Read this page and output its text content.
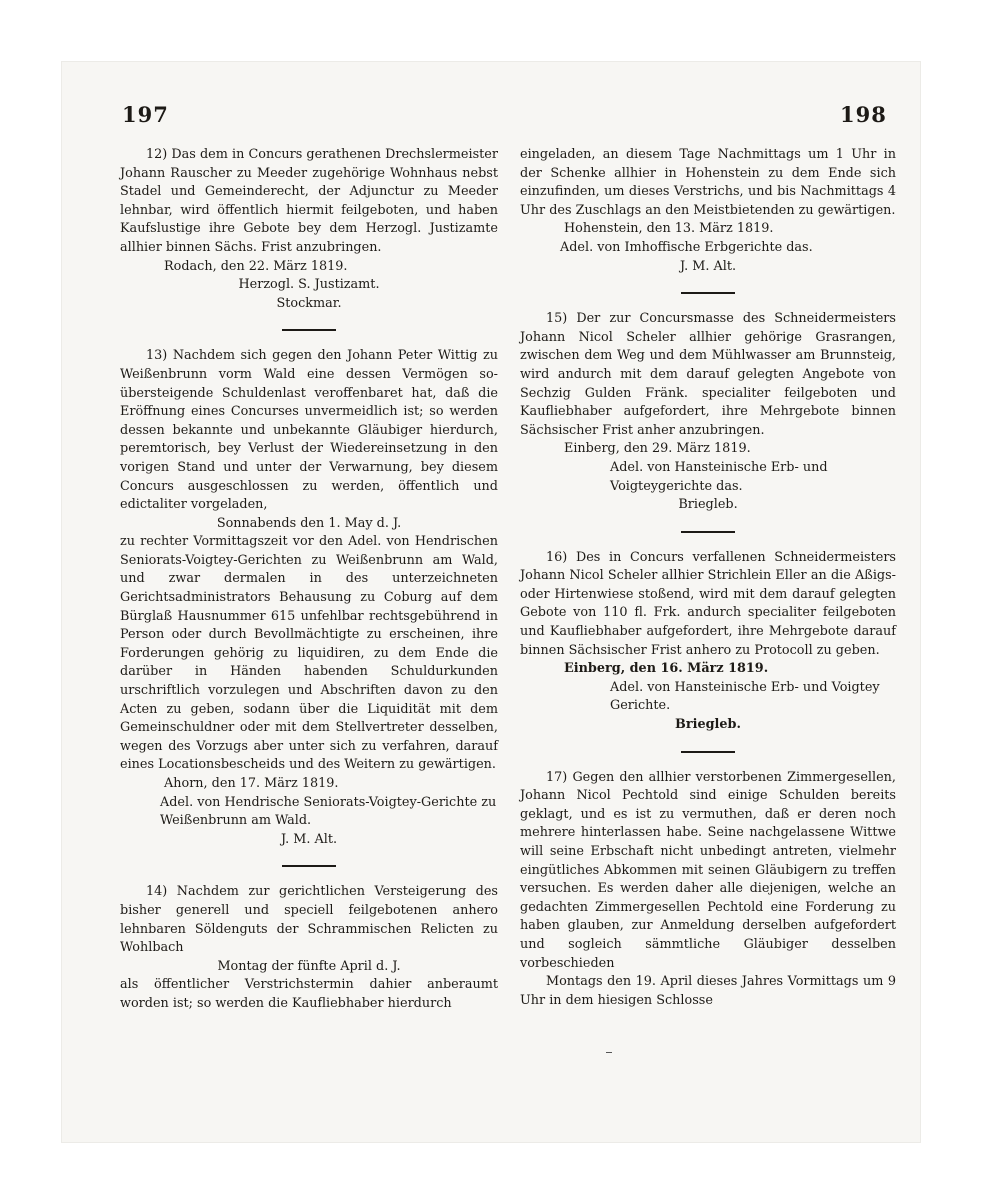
197	198

12) Das dem in Concurs gerathenen Drechslermeister Johann Rauscher zu Meeder zugehörige Wohnhaus nebst Stadel und Gemeinderecht, der Adjunctur zu Meeder lehnbar, wird öffentlich hiermit feilgeboten, und haben Kaufslustige ihre Gebote bey dem Herzogl. Justizamte allhier binnen Sächs. Frist anzubringen.

Rodach, den 22. März 1819.

Herzogl. S. Justizamt.

Stockmar.

13) Nachdem sich gegen den Johann Peter Wittig zu Weißenbrunn vorm Wald eine dessen Vermögen so-übersteigende Schuldenlast veroffenbaret hat, daß die Eröffnung eines Concurses unvermeidlich ist; so werden dessen bekannte und unbekannte Gläubiger hierdurch, peremtorisch, bey Verlust der Wiedereinsetzung in den vorigen Stand und unter der Verwarnung, bey diesem Concurs ausgeschlossen zu werden, öffentlich und edictaliter vorgeladen,

Sonnabends den 1. May d. J.

zu rechter Vormittagszeit vor den Adel. von Hendrischen Seniorats-Voigtey-Gerichten zu Weißenbrunn am Wald, und zwar dermalen in des unterzeichneten Gerichtsadministrators Behausung zu Coburg auf dem Bürglaß Hausnummer 615 unfehlbar rechtsgebührend in Person oder durch Bevollmächtigte zu erscheinen, ihre Forderungen gehörig zu liquidiren, zu dem Ende die darüber in Händen habenden Schuldurkunden urschriftlich vorzulegen und Abschriften davon zu den Acten zu geben, sodann über die Liquidität mit dem Gemeinschuldner oder mit dem Stellvertreter desselben, wegen des Vorzugs aber unter sich zu verfahren, darauf eines Locationsbescheids und des Weitern zu gewärtigen.

Ahorn, den 17. März 1819.

Adel. von Hendrische Seniorats-Voigtey-Gerichte zu Weißenbrunn am Wald.

J. M. Alt.

14) Nachdem zur gerichtlichen Versteigerung des bisher generell und speciell feilgebotenen anhero lehnbaren Söldenguts der Schrammischen Relicten zu Wohlbach

Montag der fünfte April d. J.

als öffentlicher Verstrichstermin dahier anberaumt worden ist; so werden die Kaufliebhaber hierdurch

eingeladen, an diesem Tage Nachmittags um 1 Uhr in der Schenke allhier in Hohenstein zu dem Ende sich einzufinden, um dieses Verstrichs, und bis Nachmittags 4 Uhr des Zuschlags an den Meistbietenden zu gewärtigen.

Hohenstein, den 13. März 1819.

Adel. von Imhoffische Erbgerichte das.

J. M. Alt.

15) Der zur Concursmasse des Schneidermeisters Johann Nicol Scheler allhier gehörige Grasrangen, zwischen dem Weg und dem Mühlwasser am Brunnsteig, wird andurch mit dem darauf gelegten Angebote von Sechzig Gulden Fränk. specialiter feilgeboten und Kaufliebhaber aufgefordert, ihre Mehrgebote binnen Sächsischer Frist anher anzubringen.

Einberg, den 29. März 1819.

Adel. von Hansteinische Erb- und Voigteygerichte das.

Briegleb.

16) Des in Concurs verfallenen Schneidermeisters Johann Nicol Scheler allhier Strichlein Eller an die Aßigs- oder Hirtenwiese stoßend, wird mit dem darauf gelegten Gebote von 110 fl. Frk. andurch specialiter feilgeboten und Kaufliebhaber aufgefordert, ihre Mehrgebote darauf binnen Sächsischer Frist anhero zu Protocoll zu geben.

Einberg, den 16. März 1819.

Adel. von Hansteinische Erb- und Voigtey Gerichte.

Briegleb.

17) Gegen den allhier verstorbenen Zimmergesellen, Johann Nicol Pechtold sind einige Schulden bereits geklagt, und es ist zu vermuthen, daß er deren noch mehrere hinterlassen habe. Seine nachgelassene Wittwe will seine Erbschaft nicht unbedingt antreten, vielmehr eingütliches Abkommen mit seinen Gläubigern zu treffen versuchen. Es werden daher alle diejenigen, welche an gedachten Zimmergesellen Pechtold eine Forderung zu haben glauben, zur Anmeldung derselben aufgefordert und sogleich sämmtliche Gläubiger desselben vorbeschieden

Montags den 19. April dieses Jahres Vormittags um 9 Uhr in dem hiesigen Schlosse
